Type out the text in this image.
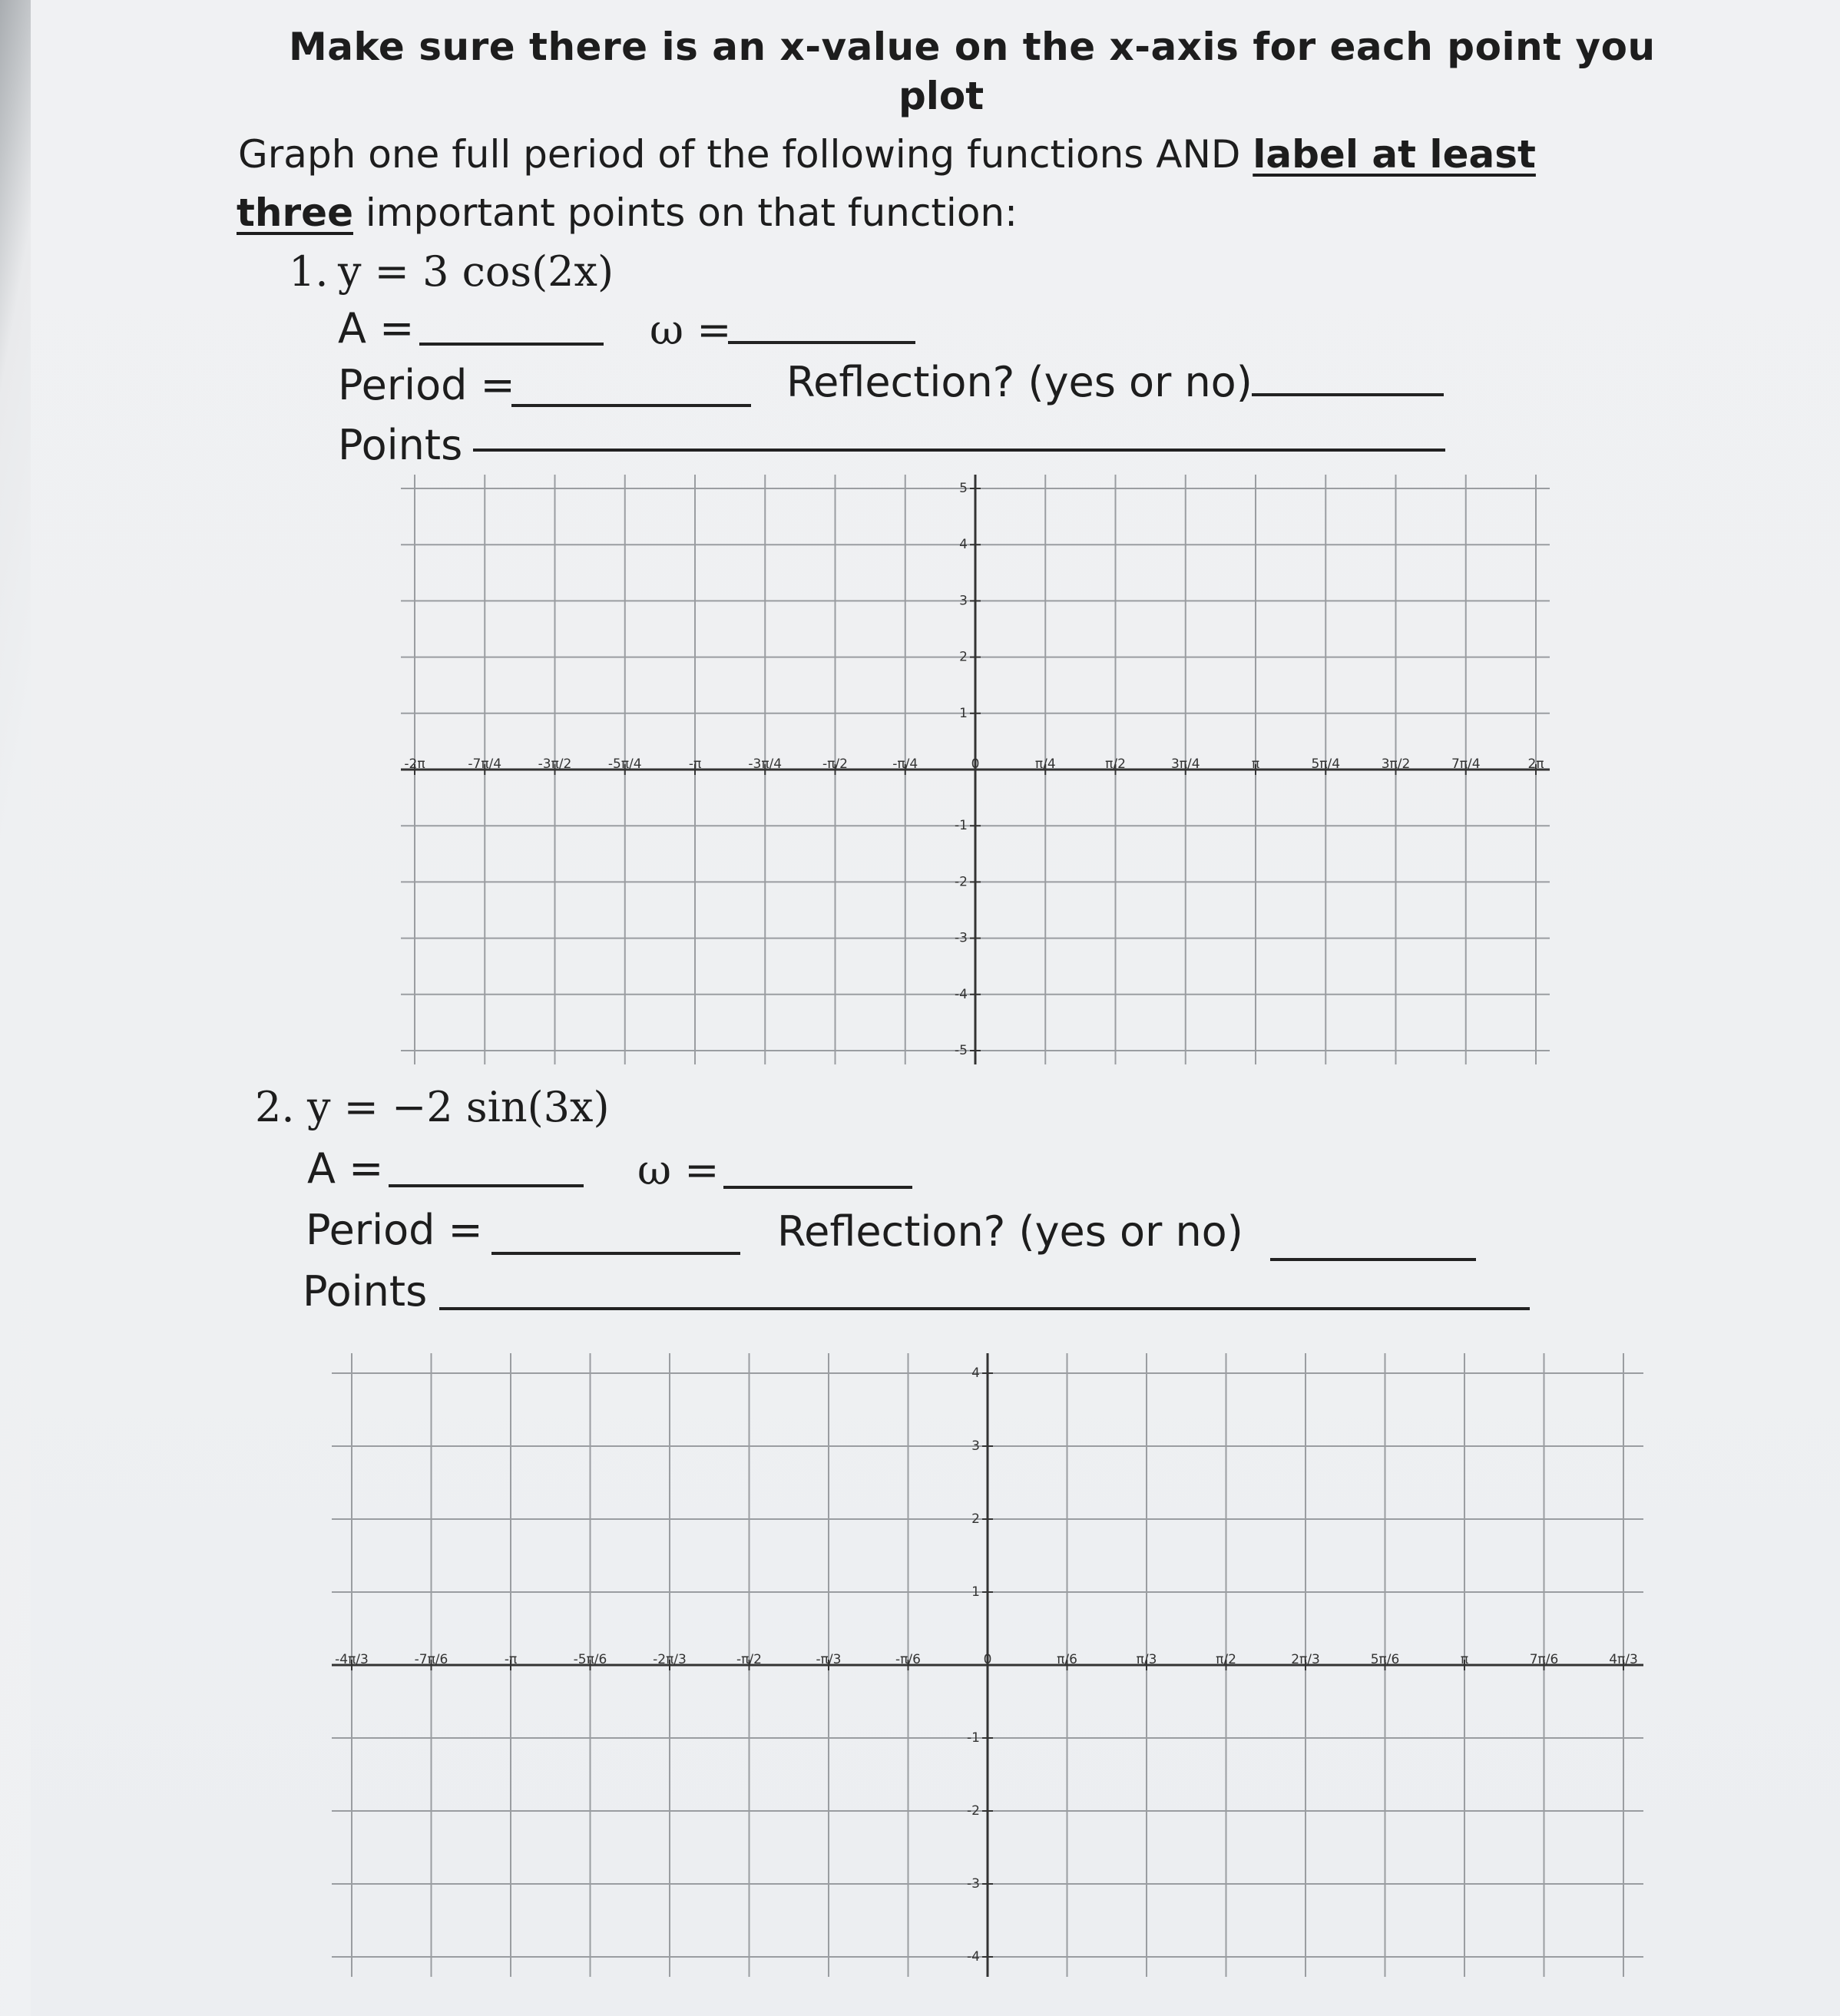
Make sure there is an x-value on the x-axis for each point you
plot
Graph one full period of the following functions AND label at least
three important points on that function:
1. y = 3 cos(2x)
A =	ω =
Period =	Reflection? (yes or no)
Points
-2π	-7π/4	-3π/2	-5π/4	-π	-3π/4	-π/2	-π/4	0	π/4	π/2	3π/4	π	5π/4	3π/2	7π/4	2π
5
4
3
2
1
-1
-2
-3
-4
-5
2. y = −2 sin(3x)
A =	ω =
Period =	Reflection? (yes or no)
Points
-4π/3	-7π/6	-π	-5π/6	-2π/3	-π/2	-π/3	-π/6	0	π/6	π/3	π/2	2π/3	5π/6	π	7π/6	4π/3
4
3
2
1
-1
-2
-3
-4
